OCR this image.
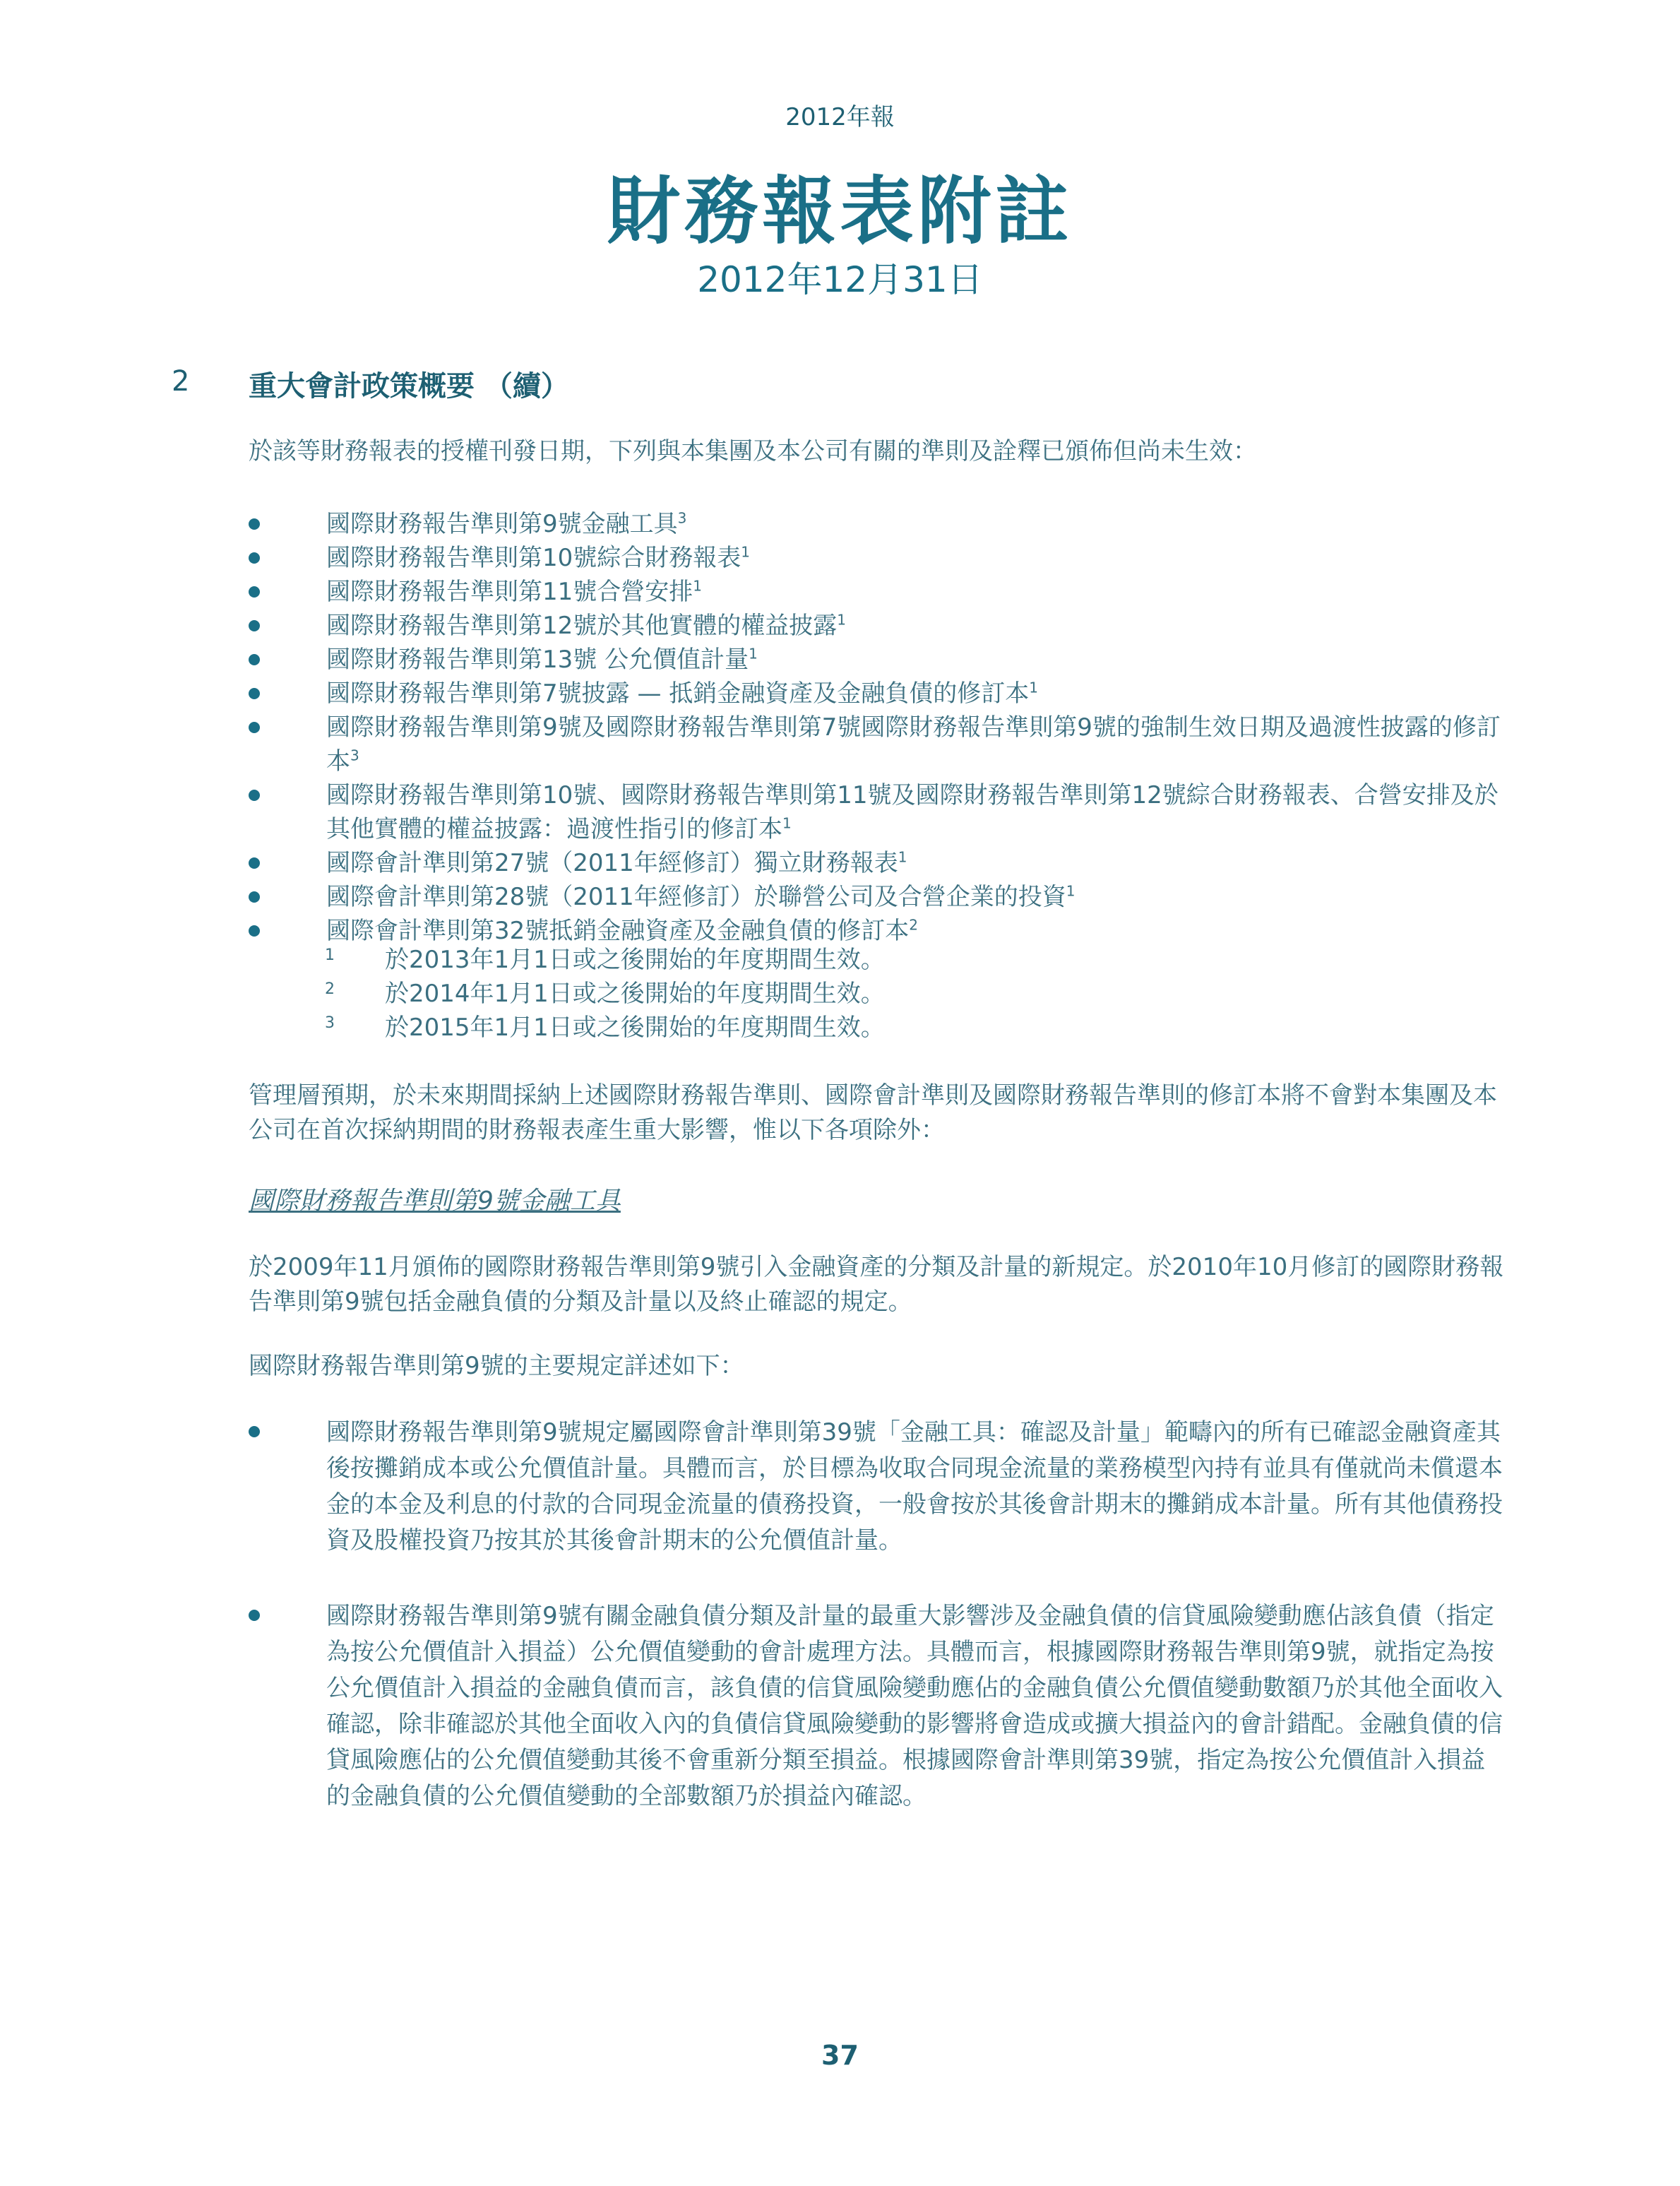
2012年報
財務報表附註
2012年12月31日
2 重大會計政策概要 （續）
於該等財務報表的授權刊發日期，下列與本集團及本公司有關的準則及詮釋已頒佈但尚未生效：
國際財務報告準則第9號金融工具$^3$
國際財務報告準則第10號綜合財務報表$^1$
國際財務報告準則第11號合營安排$^1$
國際財務報告準則第12號於其他實體的權益披露$^1$
國際財務報告準則第13號 公允價值計量$^1$
國際財務報告準則第7號披露 — 抵銷金融資產及金融負債的修訂本$^1$
國際財務報告準則第9號及國際財務報告準則第7號國際財務報告準則第9號的強制生效日期及過渡性披露的修訂本$^3$
國際財務報告準則第10號、國際財務報告準則第11號及國際財務報告準則第12號綜合財務報表、合營安排及於其他實體的權益披露：過渡性指引的修訂本$^1$
國際會計準則第27號（2011年經修訂）獨立財務報表$^1$
國際會計準則第28號（2011年經修訂）於聯營公司及合營企業的投資$^1$
國際會計準則第32號抵銷金融資產及金融負債的修訂本$^2$
1 於2013年1月1日或之後開始的年度期間生效。
2 於2014年1月1日或之後開始的年度期間生效。
3 於2015年1月1日或之後開始的年度期間生效。
管理層預期，於未來期間採納上述國際財務報告準則、國際會計準則及國際財務報告準則的修訂本將不會對本集團及本公司在首次採納期間的財務報表產生重大影響，惟以下各項除外：
國際財務報告準則第9號金融工具
於2009年11月頒佈的國際財務報告準則第9號引入金融資產的分類及計量的新規定。於2010年10月修訂的國際財務報告準則第9號包括金融負債的分類及計量以及終止確認的規定。
國際財務報告準則第9號的主要規定詳述如下：
國際財務報告準則第9號規定屬國際會計準則第39號「金融工具：確認及計量」範疇內的所有已確認金融資產其後按攤銷成本或公允價值計量。具體而言，於目標為收取合同現金流量的業務模型內持有並具有僅就尚未償還本金的本金及利息的付款的合同現金流量的債務投資，一般會按於其後會計期末的攤銷成本計量。所有其他債務投資及股權投資乃按其於其後會計期末的公允價值計量。
國際財務報告準則第9號有關金融負債分類及計量的最重大影響涉及金融負債的信貸風險變動應佔該負債（指定為按公允價值計入損益）公允價值變動的會計處理方法。具體而言，根據國際財務報告準則第9號，就指定為按公允價值計入損益的金融負債而言，該負債的信貸風險變動應佔的金融負債公允價值變動數額乃於其他全面收入確認，除非確認於其他全面收入內的負債信貸風險變動的影響將會造成或擴大損益內的會計錯配。金融負債的信貸風險應佔的公允價值變動其後不會重新分類至損益。根據國際會計準則第39號，指定為按公允價值計入損益的金融負債的公允價值變動的全部數額乃於損益內確認。
37
